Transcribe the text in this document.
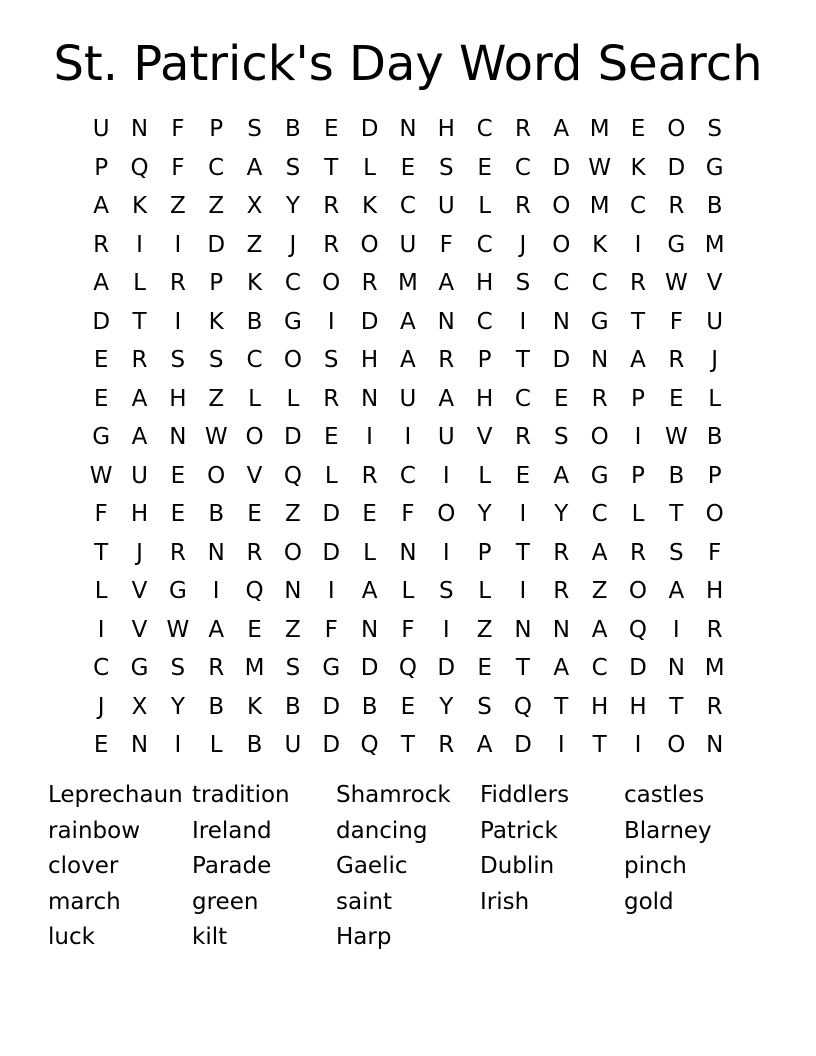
St. Patrick's Day Word Search
U N	F	P	S	B	E D N H C R A M E O S
P Q F	C A	S	T	L	E	S	E	C D W K D G
A K Z Z X	Y	R K C U	L	R O M C R B
R	I	I	D Z	J	R O U	F	C	J	O K	I	G M
A	L	R	P	K C O R M A H S	C C R W V
D T	I	K B G	I	D A N C	I	N G T	F	U
E	R	S	S	C O S H A R	P	T D N A R	J
E	A H Z	L	L	R N U A H C	E	R	P	E	L
G A N W O D E	I	I	U V R	S O	I	W B
W U E O V Q L	R C	I	L	E	A G P	B	P
F	H E	B	E	Z D E	F O Y	I	Y	C	L	T O
T	J	R N R O D	L	N	I	P	T	R A R	S	F
L	V G	I	Q N	I	A	L	S	L	I	R Z O A H
I	V W A	E	Z	F	N	F	I	Z N N A Q	I	R
C G S	R M S G D Q D E	T	A C D N M
J	X	Y	B K B D B	E	Y	S Q T H H T	R
E N	I	L	B U D Q T	R A D	I	T	I	O N
Leprechaun
rainbow
clover
march
luck
tradition
Ireland
Parade
green
kilt
Shamrock
dancing
Gaelic
saint
Harp
Fiddlers
Patrick
Dublin
Irish
castles
Blarney
pinch
gold
